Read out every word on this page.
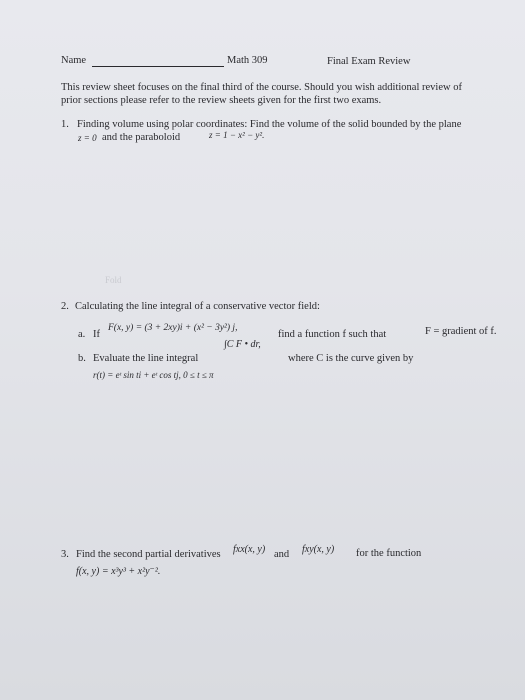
Name	Math 309	Final Exam Review
This review sheet focuses on the final third of the course. Should you wish additional review of
prior sections please refer to the review sheets given for the first two exams.
1. Finding volume using polar coordinates: Find the volume of the solid bounded by the plane
z = 0 and the paraboloid	z = 1 − x² − y².
Fold
2. Calculating the line integral of a conservative vector field:
a. If
F(x, y) = (3 + 2xy)i + (x² − 3y²) j,
find a function f such that	F = gradient of f.
b. Evaluate the line integral
∫C F • dr,
where C is the curve given by
r(t) = eᵗ sin ti + eᵗ cos tj, 0 ≤ t ≤ π
3. Find the second partial derivatives fxx(x, y) and fxy(x, y) for the function
f(x, y) = x³y³ + x²y⁻².
